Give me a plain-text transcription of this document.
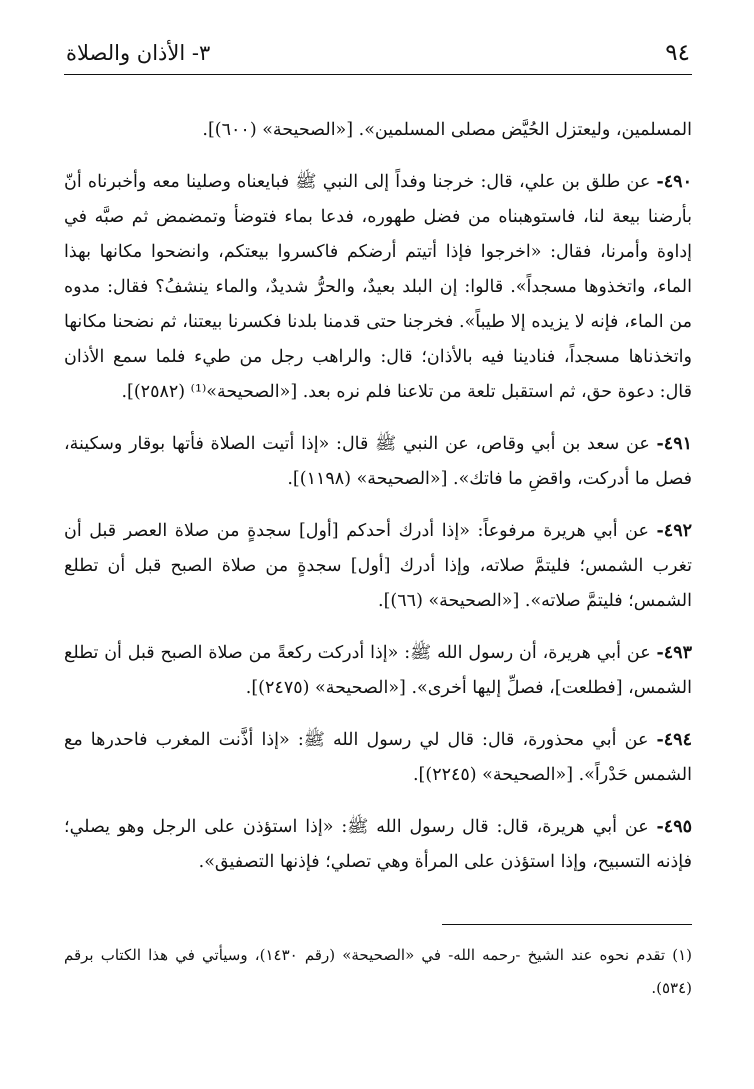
٩٤
٣- الأذان والصلاة

المسلمين، وليعتزل الحُيَّض مصلى المسلمين». [«الصحيحة» (٦٠٠)].

٤٩٠- عن طلق بن علي، قال: خرجنا وفداً إلى النبي ﷺ فبايعناه وصلينا معه وأخبرناه أنّ بأرضنا بيعة لنا، فاستوهبناه من فضل طهوره، فدعا بماء فتوضأ وتمضمض ثم صبَّه في إداوة وأمرنا، فقال: «اخرجوا فإذا أتيتم أرضكم فاكسروا بيعتكم، وانضحوا مكانها بهذا الماء، واتخذوها مسجداً». قالوا: إن البلد بعيدٌ، والحرُّ شديدٌ، والماء ينشفُ؟ فقال: مدوه من الماء، فإنه لا يزيده إلا طيباً». فخرجنا حتى قدمنا بلدنا فكسرنا بيعتنا، ثم نضحنا مكانها واتخذناها مسجداً، فنادينا فيه بالأذان؛ قال: والراهب رجل من طيء فلما سمع الأذان قال: دعوة حق، ثم استقبل تلعة من تلاعنا فلم نره بعد. [«الصحيحة»⁽¹⁾ (٢٥٨٢)].

٤٩١- عن سعد بن أبي وقاص، عن النبي ﷺ قال: «إذا أتيت الصلاة فأتها بوقار وسكينة، فصل ما أدركت، واقضِ ما فاتك». [«الصحيحة» (١١٩٨)].

٤٩٢- عن أبي هريرة مرفوعاً: «إذا أدرك أحدكم [أول] سجدةٍ من صلاة العصر قبل أن تغرب الشمس؛ فليتمَّ صلاته، وإذا أدرك [أول] سجدةٍ من صلاة الصبح قبل أن تطلع الشمس؛ فليتمَّ صلاته». [«الصحيحة» (٦٦)].

٤٩٣- عن أبي هريرة، أن رسول الله ﷺ: «إذا أدركت ركعةً من صلاة الصبح قبل أن تطلع الشمس، [فطلعت]، فصلِّ إليها أخرى». [«الصحيحة» (٢٤٧٥)].

٤٩٤- عن أبي محذورة، قال: قال لي رسول الله ﷺ: «إذا أذَّنت المغرب فاحدرها مع الشمس حَدْراً». [«الصحيحة» (٢٢٤٥)].

٤٩٥- عن أبي هريرة، قال: قال رسول الله ﷺ: «إذا استؤذن على الرجل وهو يصلي؛ فإذنه التسبيح، وإذا استؤذن على المرأة وهي تصلي؛ فإذنها التصفيق».

(١) تقدم نحوه عند الشيخ -رحمه الله- في «الصحيحة» (رقم ١٤٣٠)، وسيأتي في هذا الكتاب برقم (٥٣٤).
